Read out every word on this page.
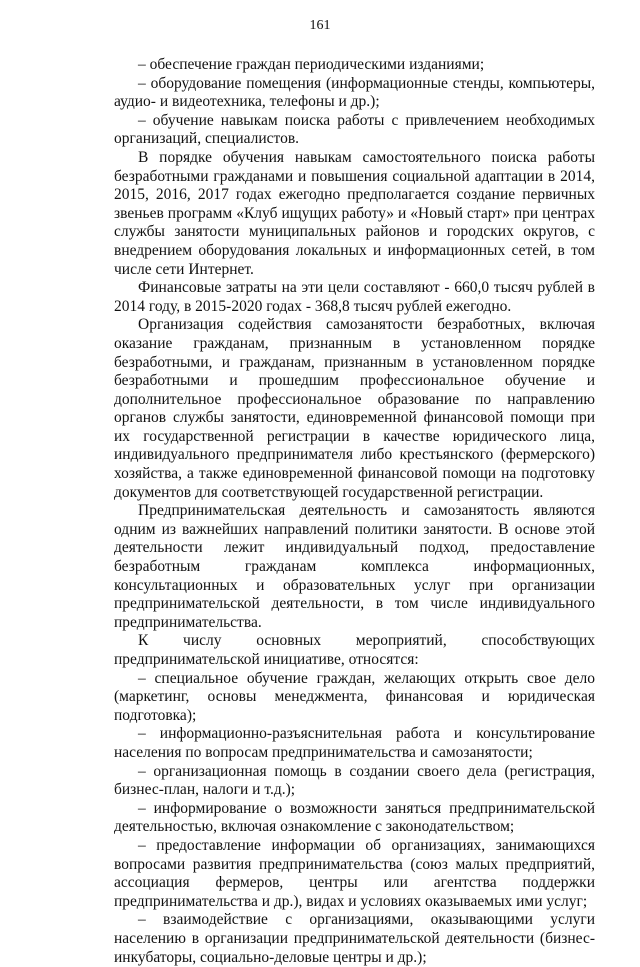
161

– обеспечение граждан периодическими изданиями;

– оборудование помещения (информационные стенды, компьютеры, аудио- и видеотехника, телефоны и др.);

– обучение навыкам поиска работы с привлечением необходимых организаций, специалистов.

В порядке обучения навыкам самостоятельного поиска работы безработными гражданами и повышения социальной адаптации в 2014, 2015, 2016, 2017 годах ежегодно предполагается создание первичных звеньев программ «Клуб ищущих работу» и «Новый старт» при центрах службы занятости муниципальных районов и городских округов, с внедрением оборудования локальных и информационных сетей, в том числе сети Интернет.

Финансовые затраты на эти цели составляют - 660,0 тысяч рублей в 2014 году, в 2015-2020 годах - 368,8 тысяч рублей ежегодно.

Организация содействия самозанятости безработных, включая оказание гражданам, признанным в установленном порядке безработными, и гражданам, признанным в установленном порядке безработными и прошедшим профессиональное обучение и дополнительное профессиональное образование по направлению органов службы занятости, единовременной финансовой помощи при их государственной регистрации в качестве юридического лица, индивидуального предпринимателя либо крестьянского (фермерского) хозяйства, а также единовременной финансовой помощи на подготовку документов для соответствующей государственной регистрации.

Предпринимательская деятельность и самозанятость являются одним из важнейших направлений политики занятости. В основе этой деятельности лежит индивидуальный подход, предоставление безработным гражданам комплекса информационных, консультационных и образовательных услуг при организации предпринимательской деятельности, в том числе индивидуального предпринимательства.

К числу основных мероприятий, способствующих предпринимательской инициативе, относятся:

– специальное обучение граждан, желающих открыть свое дело (маркетинг, основы менеджмента, финансовая и юридическая подготовка);

– информационно-разъяснительная работа и консультирование населения по вопросам предпринимательства и самозанятости;

– организационная помощь в создании своего дела (регистрация, бизнес-план, налоги и т.д.);

– информирование о возможности заняться предпринимательской деятельностью, включая ознакомление с законодательством;

– предоставление информации об организациях, занимающихся вопросами развития предпринимательства (союз малых предприятий, ассоциация фермеров, центры или агентства поддержки предпринимательства и др.), видах и условиях оказываемых ими услуг;

– взаимодействие с организациями, оказывающими услуги населению в организации предпринимательской деятельности (бизнес-инкубаторы, социально-деловые центры и др.);
